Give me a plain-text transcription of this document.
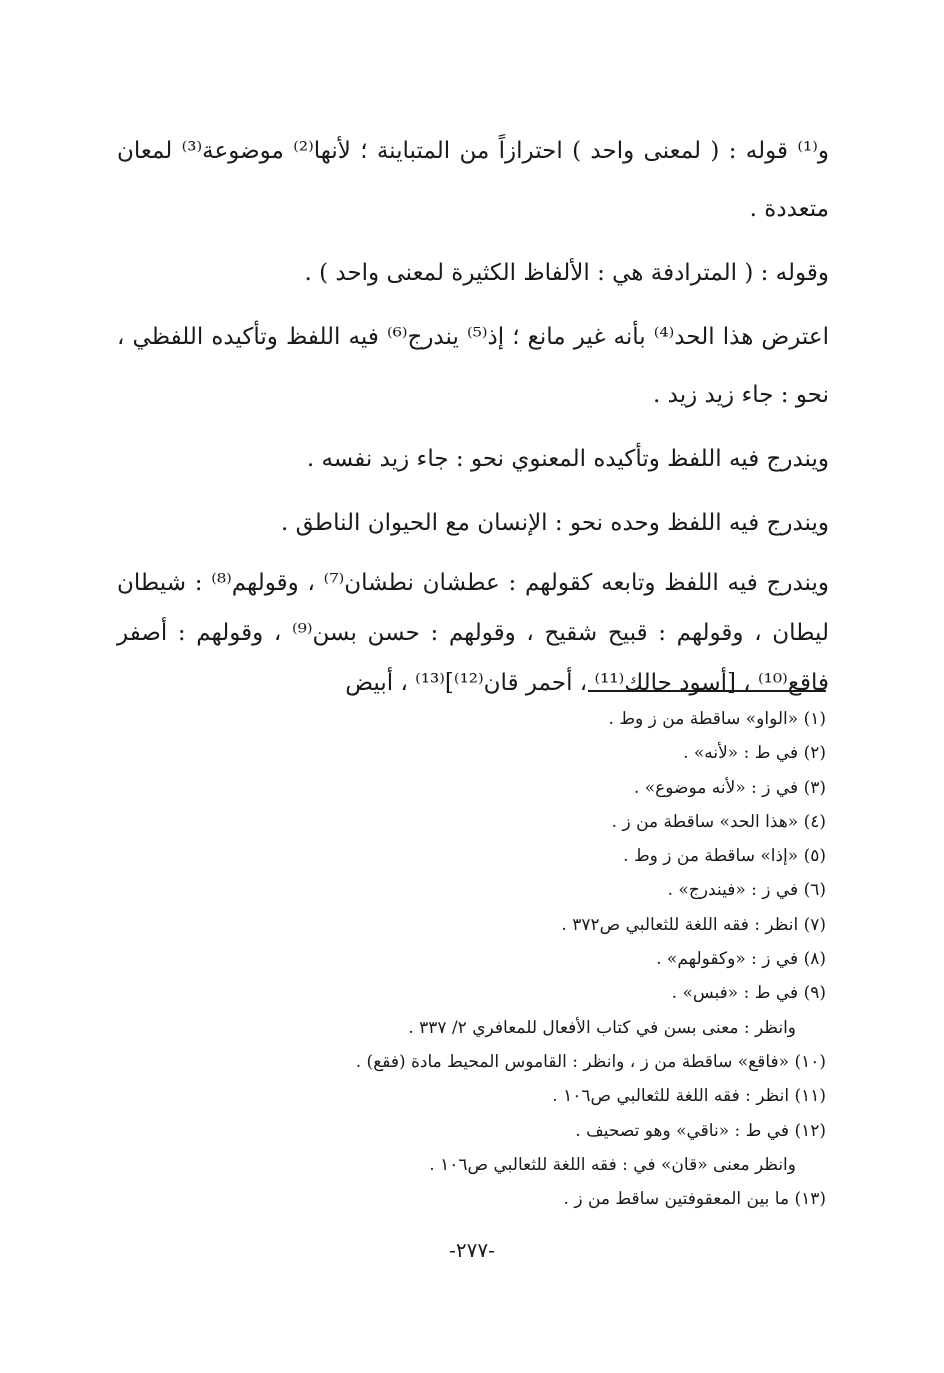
و⁽¹⁾ قوله : ( لمعنى واحد ) احترازاً من المتباينة ؛ لأنها⁽²⁾ موضوعة⁽³⁾ لمعان متعددة .

وقوله : ( المترادفة هي : الألفاظ الكثيرة لمعنى واحد ) .

اعترض هذا الحد⁽⁴⁾ بأنه غير مانع ؛ إذ⁽⁵⁾ يندرج⁽⁶⁾ فيه اللفظ وتأكيده اللفظي ، نحو : جاء زيد زيد .

ويندرج فيه اللفظ وتأكيده المعنوي نحو : جاء زيد نفسه .

ويندرج فيه اللفظ وحده نحو : الإنسان مع الحيوان الناطق .

ويندرج فيه اللفظ وتابعه كقولهم : عطشان نطشان⁽⁷⁾ ، وقولهم⁽⁸⁾ : شيطان ليطان ، وقولهم : قبيح شقيح ، وقولهم : حسن بسن⁽⁹⁾ ، وقولهم : أصفر فاقع⁽¹⁰⁾ ، [أسود حالك⁽¹¹⁾ ، أحمر قان⁽¹²⁾]⁽¹³⁾ ، أبيض

(١) «الواو» ساقطة من ز وط .
(٢) في ط : «لأنه» .
(٣) في ز : «لأنه موضوع» .
(٤) «هذا الحد» ساقطة من ز .
(٥) «إذا» ساقطة من ز وط .
(٦) في ز : «فيندرج» .
(٧) انظر : فقه اللغة للثعالبي ص٣٧٢ .
(٨) في ز : «وكقولهم» .
(٩) في ط : «فبس» .
وانظر : معنى بسن في كتاب الأفعال للمعافري ٢/ ٣٣٧ .
(١٠) «فاقع» ساقطة من ز ، وانظر : القاموس المحيط مادة (فقع) .
(١١) انظر : فقه اللغة للثعالبي ص١٠٦ .
(١٢) في ط : «ناقي» وهو تصحيف .
وانظر معنى «قان» في : فقه اللغة للثعالبي ص١٠٦ .
(١٣) ما بين المعقوفتين ساقط من ز .
-٢٧٧-
